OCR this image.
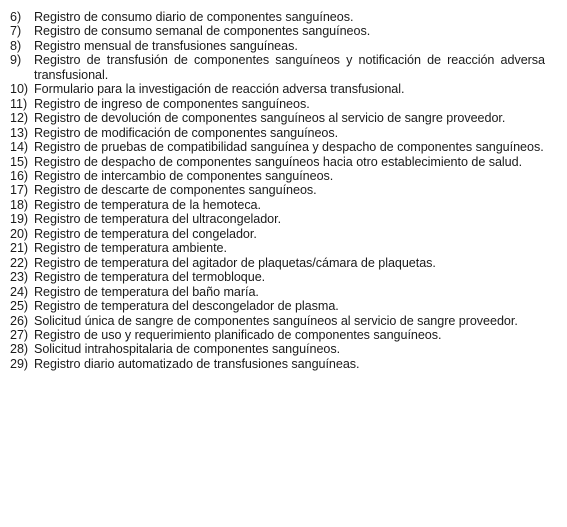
6)	Registro de consumo diario de componentes sanguíneos.
7)	Registro de consumo semanal de componentes sanguíneos.
8)	Registro mensual de transfusiones sanguíneas.
9)	Registro de transfusión de componentes sanguíneos y notificación de reacción adversa transfusional.
10) Formulario para la investigación de reacción adversa transfusional.
11) Registro de ingreso de componentes sanguíneos.
12) Registro de devolución de componentes sanguíneos al servicio de sangre proveedor.
13) Registro de modificación de componentes sanguíneos.
14) Registro de pruebas de compatibilidad sanguínea y despacho de componentes sanguíneos.
15) Registro de despacho de componentes sanguíneos hacia otro establecimiento de salud.
16) Registro de intercambio de componentes sanguíneos.
17) Registro de descarte de componentes sanguíneos.
18) Registro de temperatura de la hemoteca.
19) Registro de temperatura del ultracongelador.
20) Registro de temperatura del congelador.
21) Registro de temperatura ambiente.
22) Registro de temperatura del agitador de plaquetas/cámara de plaquetas.
23) Registro de temperatura del termobloque.
24) Registro de temperatura del baño maría.
25) Registro de temperatura del descongelador de plasma.
26) Solicitud única de sangre de componentes sanguíneos al servicio de sangre proveedor.
27) Registro de uso y requerimiento planificado de componentes sanguíneos.
28) Solicitud intrahospitalaria de componentes sanguíneos.
29) Registro diario automatizado de transfusiones sanguíneas.
